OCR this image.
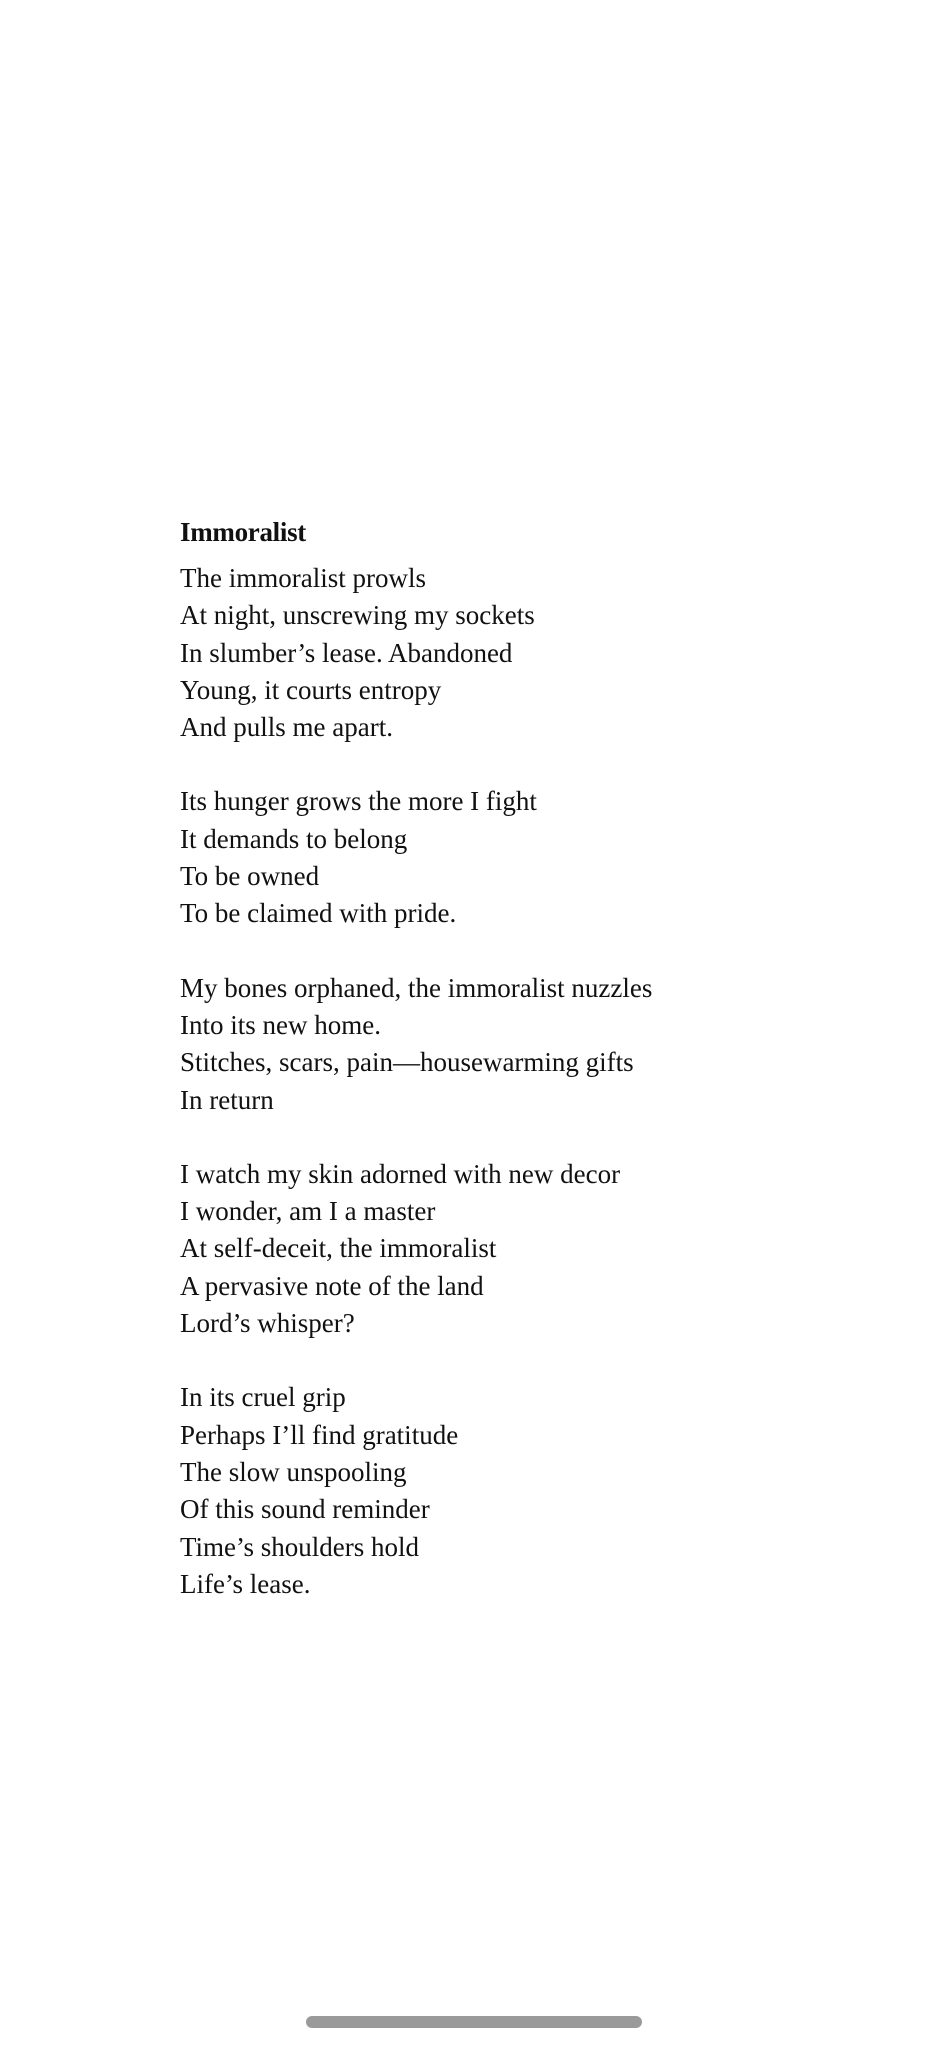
Immoralist
The immoralist prowls
At night, unscrewing my sockets
In slumber’s lease. Abandoned
Young, it courts entropy
And pulls me apart.
Its hunger grows the more I fight
It demands to belong
To be owned
To be claimed with pride.
My bones orphaned, the immoralist nuzzles
Into its new home.
Stitches, scars, pain—housewarming gifts
In return
I watch my skin adorned with new decor
I wonder, am I a master
At self-deceit, the immoralist
A pervasive note of the land
Lord’s whisper?
In its cruel grip
Perhaps I’ll find gratitude
The slow unspooling
Of this sound reminder
Time’s shoulders hold
Life’s lease.
